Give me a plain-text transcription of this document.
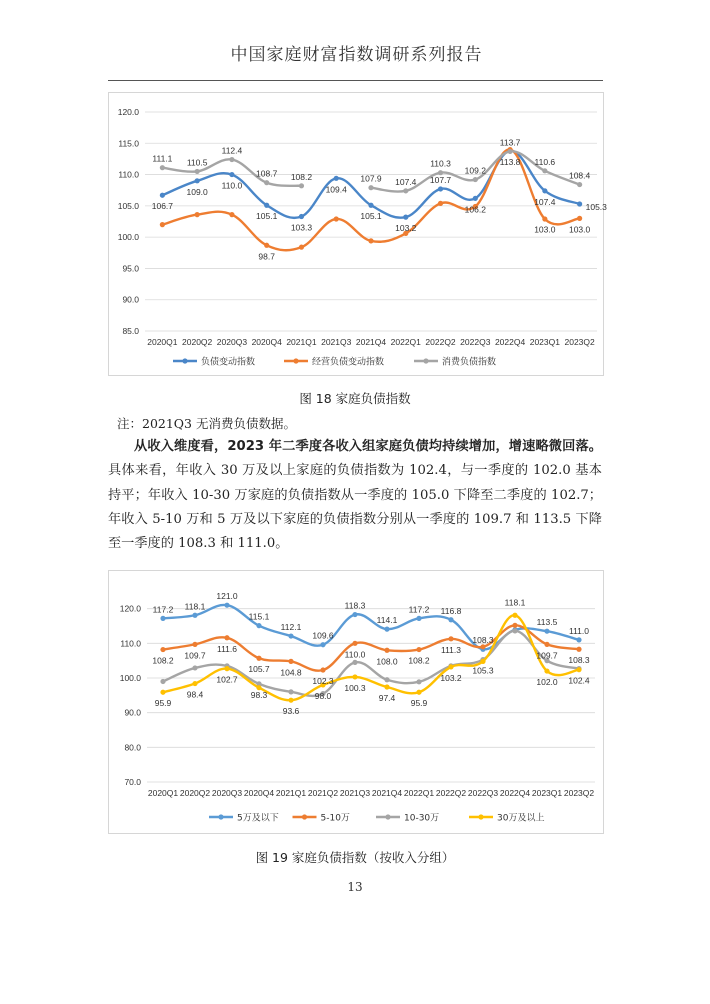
中国家庭财富指数调研系列报告
85.0
90.0
95.0
100.0
105.0
110.0
115.0
120.0
2020Q1 2020Q2 2020Q3 2020Q4 2021Q1 2021Q3 2021Q4 2022Q1 2022Q2 2022Q3 2022Q4 2023Q1 2023Q2
111.1 110.5
112.4
108.7 108.2	107.9 107.4
110.3
109.2
113.7
110.6
108.4
106.7
109.0
110.0
105.1
103.3
109.4
105.1
103.2
107.7
106.2
113.8
107.4
105.3
98.7
103.0 103.0
负债变动指数	经营负债变动指数	消费负债指数
图 18 家庭负债指数
注：2021Q3 无消费负债数据。
从收入维度看，2023 年二季度各收入组家庭负债均持续增加，增速略微回落。具体来看，年收入 30 万及以上家庭的负债指数为 102.4，与一季度的 102.0 基本持平；年收入 10-30 万家庭的负债指数从一季度的 105.0 下降至二季度的 102.7；年收入 5-10 万和 5 万及以下家庭的负债指数分别从一季度的 109.7 和 113.5 下降至一季度的 108.3 和 111.0。
70.0
80.0
90.0
100.0
110.0
120.0
2020Q1 2020Q2 2020Q3 2020Q4 2021Q1 2021Q2 2021Q3 2021Q4 2022Q1 2022Q2 2022Q3 2022Q4 2023Q1 2023Q2
117.2 118.1
121.0
115.1
112.1
109.6
118.3
114.1
117.2 116.8
108.3
118.1
113.5
111.0
108.2
109.7
111.6
105.7 104.8
110.0
108.0 108.2
111.3
109.7 108.3
102.7
98.3
102.3
100.3
103.2
105.3
102.0 102.4
95.9
98.4
93.6
98.0	97.4
95.9
5万及以下	5-10万	10-30万	30万及以上
图 19 家庭负债指数（按收入分组）
13
